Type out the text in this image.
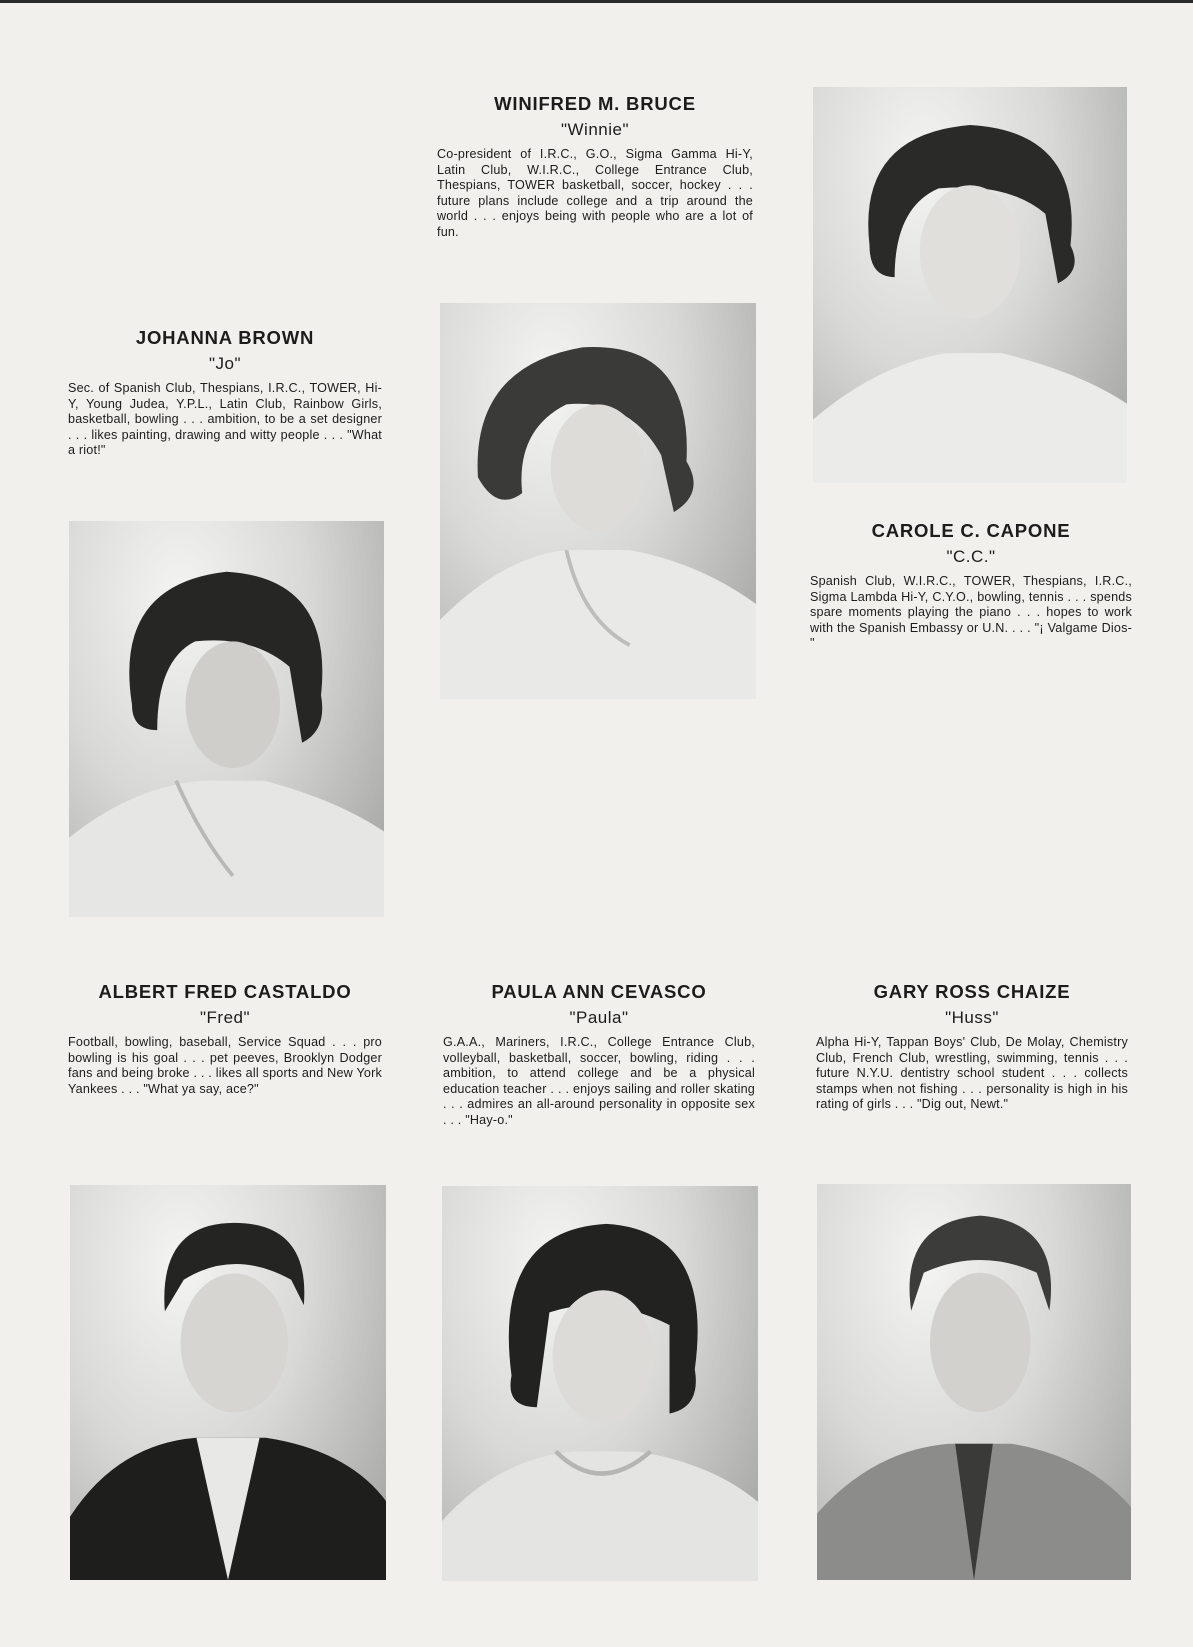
WINIFRED M. BRUCE

"Winnie"

Co-president of I.R.C., G.O., Sigma Gamma Hi-Y, Latin Club, W.I.R.C., College Entrance Club, Thespians, TOWER basketball, soccer, hockey . . . future plans include college and a trip around the world . . . enjoys being with people who are a lot of fun.

CAROLE C. CAPONE

"C.C."

Spanish Club, W.I.R.C., TOWER, Thespians, I.R.C., Sigma Lambda Hi-Y, C.Y.O., bowling, tennis . . . spends spare moments playing the piano . . . hopes to work with the Spanish Embassy or U.N. . . . "¡ Valgame Dios-"

JOHANNA BROWN

"Jo"

Sec. of Spanish Club, Thespians, I.R.C., TOWER, Hi-Y, Young Judea, Y.P.L., Latin Club, Rainbow Girls, basketball, bowling . . . ambition, to be a set designer . . . likes painting, drawing and witty people . . . "What a riot!"

ALBERT FRED CASTALDO

"Fred"

Football, bowling, baseball, Service Squad . . . pro bowling is his goal . . . pet peeves, Brooklyn Dodger fans and being broke . . . likes all sports and New York Yankees . . . "What ya say, ace?"

PAULA ANN CEVASCO

"Paula"

G.A.A., Mariners, I.R.C., College Entrance Club, volleyball, basketball, soccer, bowling, riding . . . ambition, to attend college and be a physical education teacher . . . enjoys sailing and roller skating . . . admires an all-around personality in opposite sex . . . "Hay-o."

GARY ROSS CHAIZE

"Huss"

Alpha Hi-Y, Tappan Boys' Club, De Molay, Chemistry Club, French Club, wrestling, swimming, tennis . . . future N.Y.U. dentistry school student . . . collects stamps when not fishing . . . personality is high in his rating of girls . . . "Dig out, Newt."
